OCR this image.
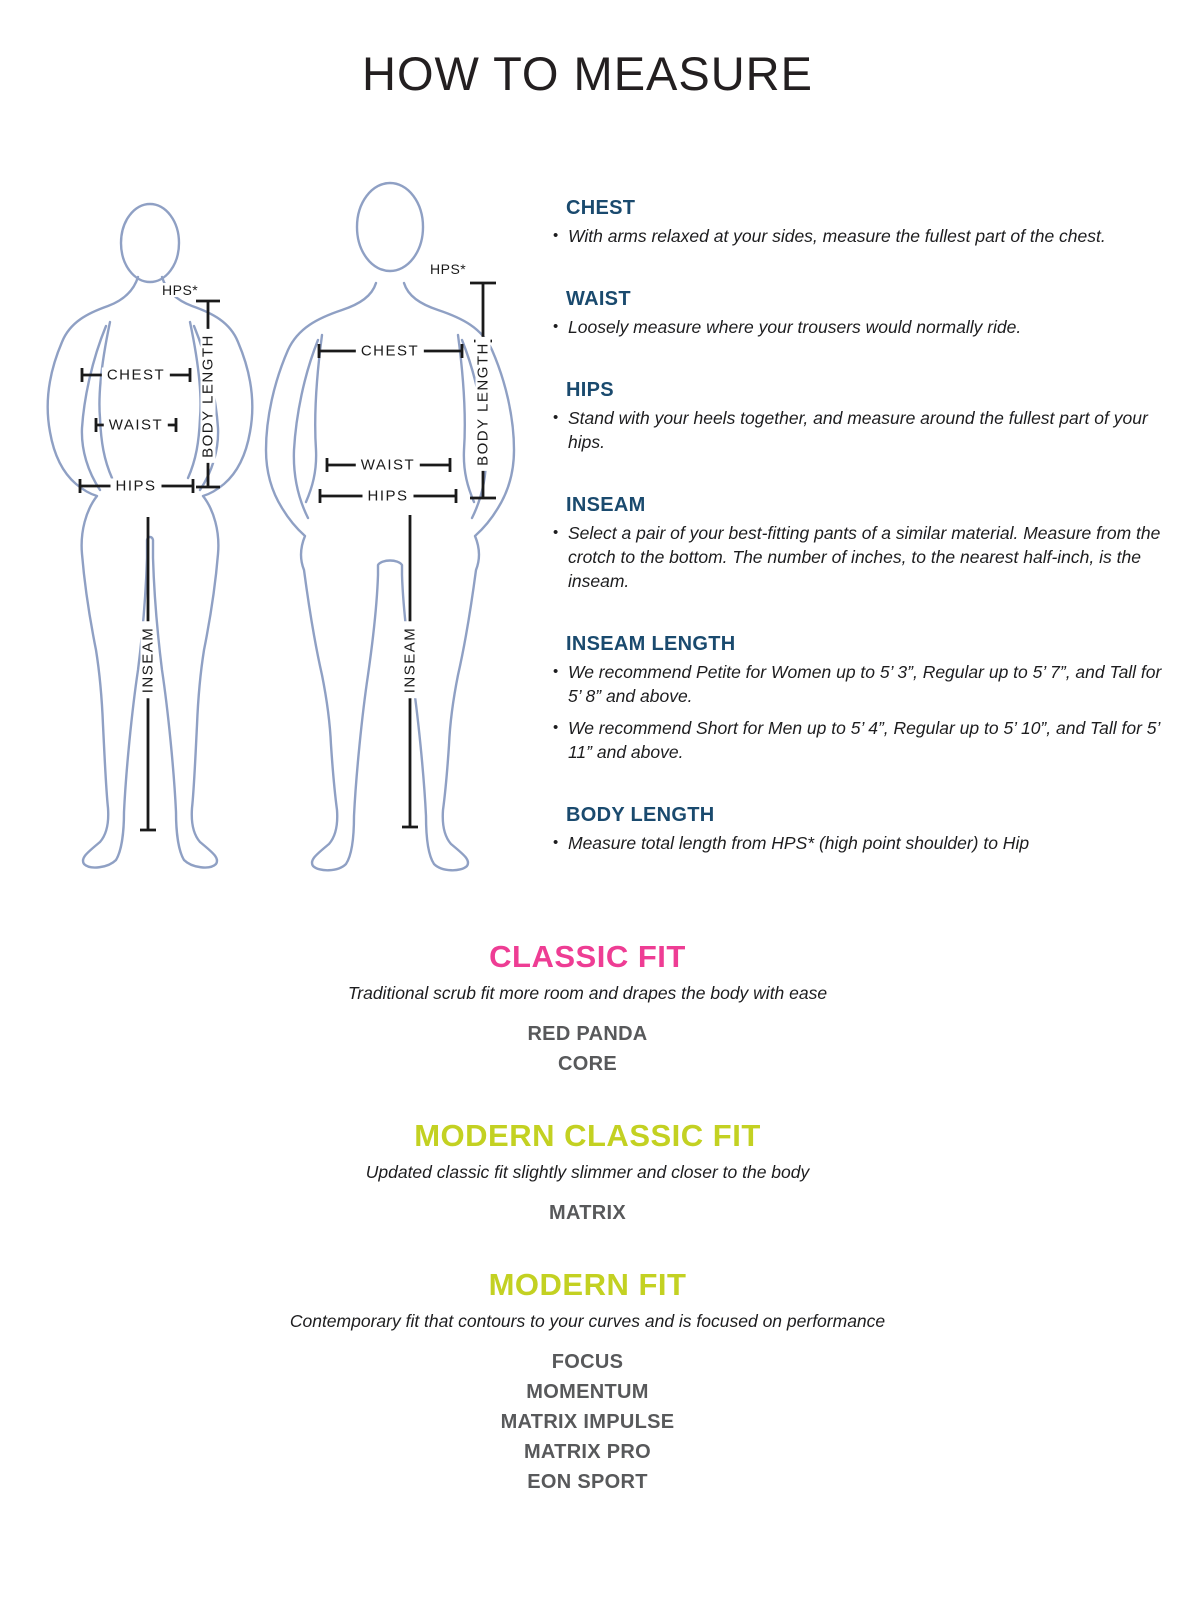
HOW TO MEASURE
HPS*
CHEST
WAIST
HIPS
BODY LENGTH
INSEAM
HPS*
CHEST
WAIST
HIPS
BODY LENGTH
INSEAM
CHEST

• With arms relaxed at your sides, measure the fullest part of the chest.

WAIST

• Loosely measure where your trousers would normally ride.

HIPS

• Stand with your heels together, and measure around the fullest part of your hips.

INSEAM

• Select a pair of your best-fitting pants of a similar material. Measure from the crotch to the bottom. The number of inches, to the nearest half-inch, is the inseam.

INSEAM LENGTH

• We recommend Petite for Women up to 5’ 3”, Regular up to 5’ 7”, and Tall for 5’ 8” and above.

• We recommend Short for Men up to 5’ 4”, Regular up to 5’ 10”, and Tall for 5’ 11” and above.

BODY LENGTH

• Measure total length from HPS* (high point shoulder) to Hip

CLASSIC FIT

Traditional scrub fit more room and drapes the body with ease

RED PANDA
CORE
MODERN CLASSIC FIT

Updated classic fit slightly slimmer and closer to the body

MATRIX
MODERN FIT

Contemporary fit that contours to your curves and is focused on performance

FOCUS
MOMENTUM
MATRIX IMPULSE
MATRIX PRO
EON SPORT
